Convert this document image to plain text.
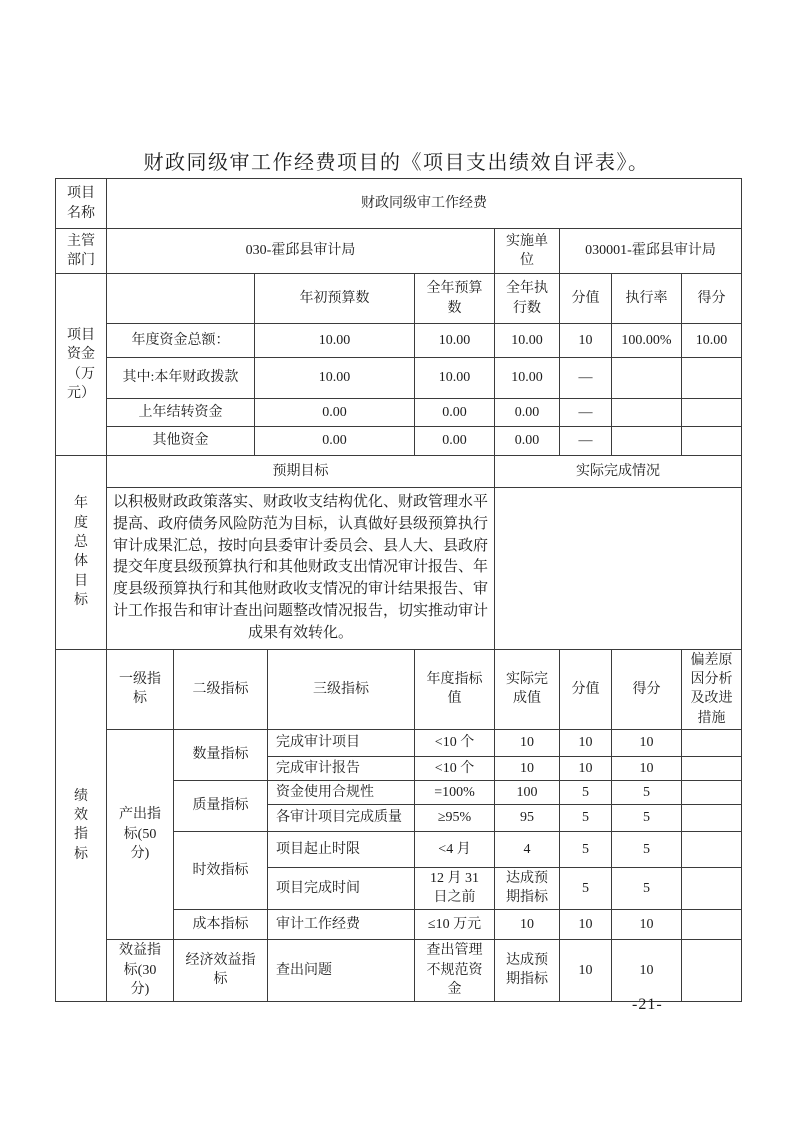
财政同级审工作经费项目的《项目支出绩效自评表》。
项目名称	财政同级审工作经费		
主管部门	030-霍邱县审计局	实施单位	030001-霍邱县审计局
项目资金（万元）		年初预算数	全年预算数	全年执行数	分值	执行率	得分
	年度资金总额：	10.00	10.00	10.00	10	100.00%	10.00
	其中:本年财政拨款	10.00	10.00	10.00	—		
	上年结转资金	0.00	0.00	0.00	—		
	其他资金	0.00	0.00	0.00	—		
年度总体目标	预期目标	实际完成情况
	以积极财政政策落实、财政收支结构优化、财政管理水平提高、政府债务风险防范为目标，认真做好县级预算执行审计成果汇总，按时向县委审计委员会、县人大、县政府提交年度县级预算执行和其他财政支出情况审计报告、年度县级预算执行和其他财政收支情况的审计结果报告、审计工作报告和审计查出问题整改情况报告，切实推动审计成果有效转化。	
绩效指标	一级指标	二级指标	三级指标	年度指标值	实际完成值	分值	得分	偏差原因分析及改进措施
	产出指标(50分)	数量指标	完成审计项目	<10 个	10	10	10	
			完成审计报告	<10 个	10	10	10	
		质量指标	资金使用合规性	=100%	100	5	5	
			各审计项目完成质量	≥95%	95	5	5	
		时效指标	项目起止时限	<4 月	4	5	5	
			项目完成时间	12 月 31 日之前	达成预期指标	5	5	
		成本指标	审计工作经费	≤10 万元	10	10	10	
	效益指标(30分)	经济效益指标	查出问题	查出管理不规范资金	达成预期指标	10	10	
-21-
